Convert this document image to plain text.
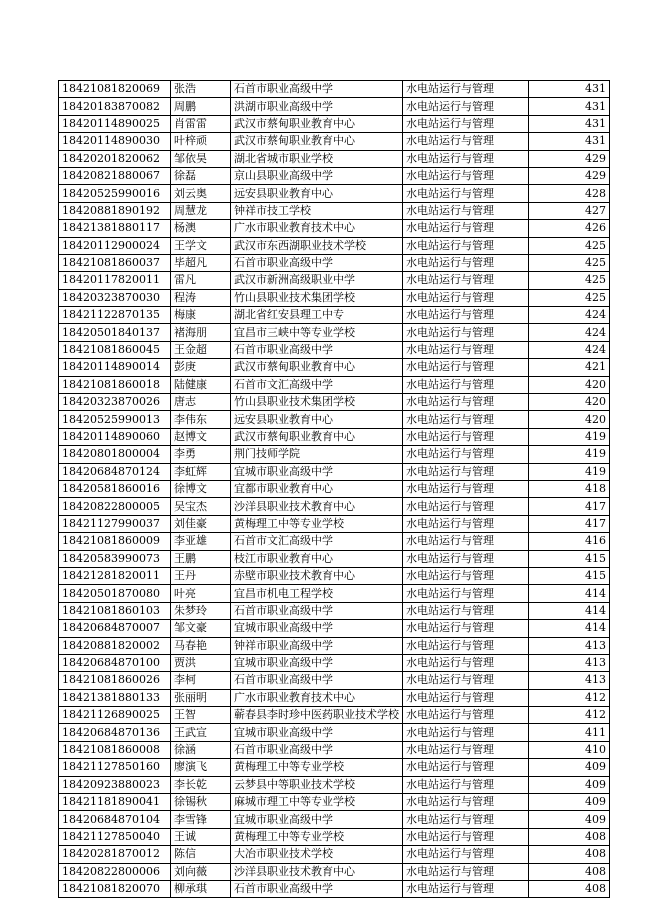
18421081820069	张浩	石首市职业高级中学	水电站运行与管理	431
18420183870082	周鹏	洪湖市职业高级中学	水电站运行与管理	431
18420114890025	肖雷雷	武汉市蔡甸职业教育中心	水电站运行与管理	431
18420114890030	叶梓顽	武汉市蔡甸职业教育中心	水电站运行与管理	431
18420201820062	邹依昊	湖北省城市职业学校	水电站运行与管理	429
18420821880067	徐磊	京山县职业高级中学	水电站运行与管理	429
18420525990016	刘云奥	远安县职业教育中心	水电站运行与管理	428
18420881890192	周慧龙	钟祥市技工学校	水电站运行与管理	427
18421381880117	杨澳	广水市职业教育技术中心	水电站运行与管理	426
18420112900024	王学文	武汉市东西湖职业技术学校	水电站运行与管理	425
18421081860037	毕超凡	石首市职业高级中学	水电站运行与管理	425
18420117820011	雷凡	武汉市新洲高级职业中学	水电站运行与管理	425
18420323870030	程涛	竹山县职业技术集团学校	水电站运行与管理	425
18421122870135	梅康	湖北省红安县理工中专	水电站运行与管理	424
18420501840137	褚海朋	宜昌市三峡中等专业学校	水电站运行与管理	424
18421081860045	王金超	石首市职业高级中学	水电站运行与管理	424
18420114890014	彭庚	武汉市蔡甸职业教育中心	水电站运行与管理	421
18421081860018	陆健康	石首市文汇高级中学	水电站运行与管理	420
18420323870026	唐志	竹山县职业技术集团学校	水电站运行与管理	420
18420525990013	李伟东	远安县职业教育中心	水电站运行与管理	420
18420114890060	赵博文	武汉市蔡甸职业教育中心	水电站运行与管理	419
18420801800004	李勇	荆门技师学院	水电站运行与管理	419
18420684870124	李虹辉	宜城市职业高级中学	水电站运行与管理	419
18420581860016	徐博文	宜都市职业教育中心	水电站运行与管理	418
18420822800005	吴宝杰	沙洋县职业技术教育中心	水电站运行与管理	417
18421127990037	刘佳豪	黄梅理工中等专业学校	水电站运行与管理	417
18421081860009	李亚雄	石首市文汇高级中学	水电站运行与管理	416
18420583990073	王鹏	枝江市职业教育中心	水电站运行与管理	415
18421281820011	王丹	赤壁市职业技术教育中心	水电站运行与管理	415
18420501870080	叶亮	宜昌市机电工程学校	水电站运行与管理	414
18421081860103	朱梦玲	石首市职业高级中学	水电站运行与管理	414
18420684870007	邹文豪	宜城市职业高级中学	水电站运行与管理	414
18420881820002	马春艳	钟祥市职业高级中学	水电站运行与管理	413
18420684870100	贾洪	宜城市职业高级中学	水电站运行与管理	413
18421081860026	李柯	石首市职业高级中学	水电站运行与管理	413
18421381880133	张丽明	广水市职业教育技术中心	水电站运行与管理	412
18421126890025	王智	蕲春县李时珍中医药职业技术学校	水电站运行与管理	412
18420684870136	王武宣	宜城市职业高级中学	水电站运行与管理	411
18421081860008	徐涵	石首市职业高级中学	水电站运行与管理	410
18421127850160	廖演飞	黄梅理工中等专业学校	水电站运行与管理	409
18420923880023	李长乾	云梦县中等职业技术学校	水电站运行与管理	409
18421181890041	徐锡秋	麻城市理工中等专业学校	水电站运行与管理	409
18420684870104	李雪锋	宜城市职业高级中学	水电站运行与管理	409
18421127850040	王诚	黄梅理工中等专业学校	水电站运行与管理	408
18420281870012	陈信	大冶市职业技术学校	水电站运行与管理	408
18420822800006	刘向薇	沙洋县职业技术教育中心	水电站运行与管理	408
18421081820070	柳承琪	石首市职业高级中学	水电站运行与管理	408
